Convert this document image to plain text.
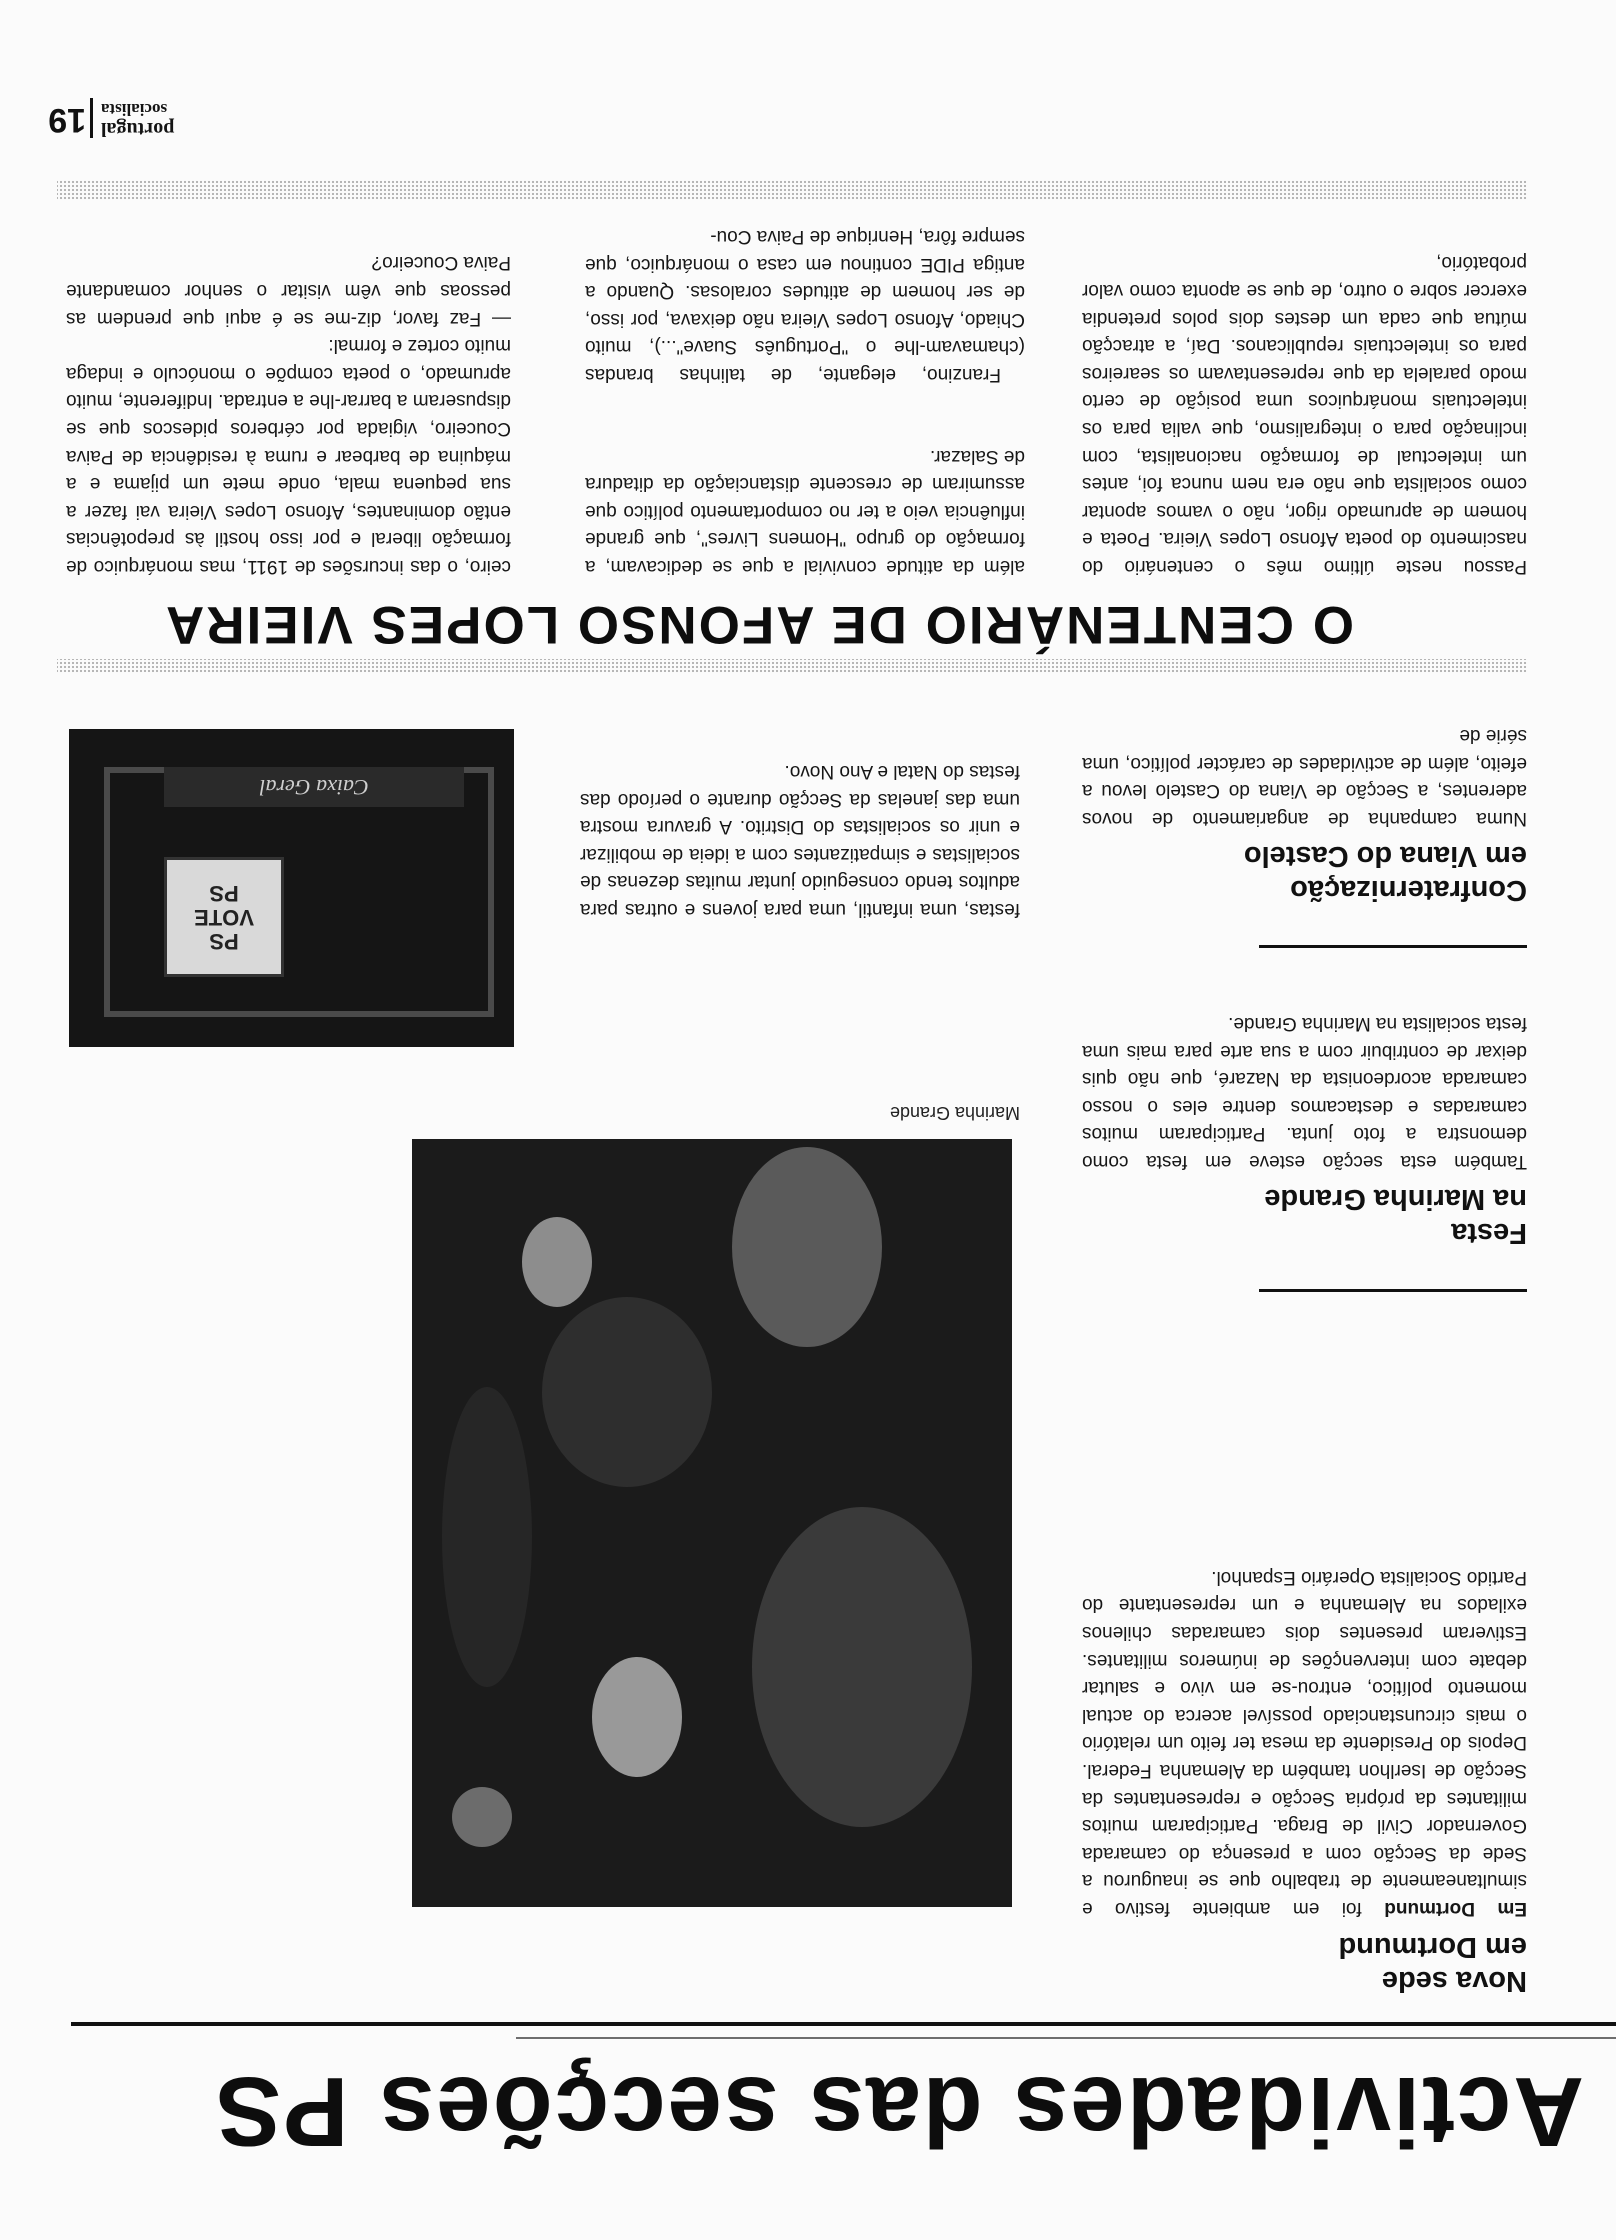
Actividades das secções PS
Nova sede
em Dortmund
Em Dortmund foi em ambiente festivo e simultaneamente de trabalho que se inaugurou a Sede da Secção com a presença do camarada Governador Civil de Braga. Participaram muitos militantes da própria Secção e representantes da Secção de Iserlhon também da Alemanha Federal. Depois do Presidente da mesa ter feito um relatório o mais circunstanciado possível acerca do actual momento político, entrou-se em vivo e salutar debate com intervenções de inúmeros militantes. Estiveram presentes dois camaradas chilenos exilados na Alemanha e um representante do Partido Socialista Operário Espanhol.
Festa
na Marinha Grande
Também esta secção esteve em festa como demonstra a foto junta. Participaram muitos camaradas e destacamos dentre eles o nosso camarada acordeonista da Nazaré, que não quis deixar de contribuir com a sua arte para mais uma festa socialista na Marinha Grande.
Confraternização
em Viana do Castelo
Numa campanha de angariamento de novos aderentes, a Secção de Viana do Castelo levou a efeito, além de actividades de carácter político, uma série de
Marinha Grande
festas, uma infantil, uma para jovens e outras para adultos tendo conseguido juntar muitas dezenas de socialistas e simpatizantes com a ideia de mobilizar e unir os socialistas do Distrito. A gravura mostra uma das janelas da Secção durante o período das festas do Natal e Ano Novo.
PS
VOTE
PS
Caixa Geral
O CENTENÁRIO DE AFONSO LOPES VIEIRA
Passou neste último mês o centenário do nascimento do poeta Afonso Lopes Vieira. Poeta e homem de aprumado rigor, não o vamos apontar como socialista que não era nem nunca foi, antes um intelectual de formação nacionalista, com inclinação para o integralismo, que valia para os intelectuais monárquicos uma posição de certo modo paralela da que representavam os seareiros para os intelectuais republicanos. Daí, a atracção mútua que cada um destes dois polos pretendia exercer sobre o outro, de que se aponta como valor probatório,
além da atitude convivial a que se dedicavam, a formação do grupo "Homens Livres", que grande influência veio a ter no comportamento político que assumiram de crescente distanciação da ditadura de Salazar.
Franzino, elegante, de talinhas brandas (chamavam-lhe o "Português Suave"...), muito Chiado, Afonso Lopes Vieira não deixava, por isso, de ser homem de atitudes coralosas. Quando a antiga PIDE continou em casa o monárquico, que sempre fôra, Henrique de Paiva Cou-
ceiro, o das incursões de 1911, mas monárquico de formação liberal e por isso hostil às prepotências então dominantes, Afonso Lopes Vieira vai fazer a sua pequena mala, onde mete um pijama e a máquina de barbear e ruma à residência de Paiva Couceiro, vigiada por cérberos pidescos que se dispuseram a barrar-lhe a entrada. Indiferente, muito aprumado, o poeta compõe o monóculo e indaga muito cortez e formal:
— Faz favor, diz-me se é aqui que prendem as pessoas que vêm visitar o senhor comandante Paiva Couceiro?
19 portugal
socialista
